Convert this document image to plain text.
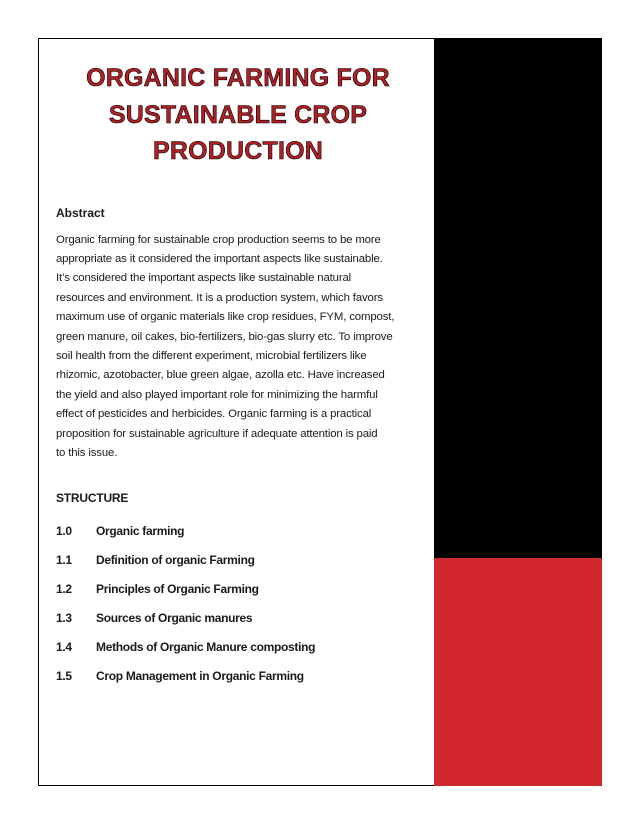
ORGANIC FARMING FOR
SUSTAINABLE CROP
PRODUCTION
Abstract
Organic farming for sustainable crop production seems to be more
appropriate as it considered the important aspects like sustainable.
It’s considered the important aspects like sustainable natural
resources and environment. It is a production system, which favors
maximum use of organic materials like crop residues, FYM, compost,
green manure, oil cakes, bio-fertilizers, bio-gas slurry etc. To improve
soil health from the different experiment, microbial fertilizers like
rhizomic, azotobacter, blue green algae, azolla etc. Have increased
the yield and also played important role for minimizing the harmful
effect of pesticides and herbicides. Organic farming is a practical
proposition for sustainable agriculture if adequate attention is paid
to this issue.
STRUCTURE
1.0	Organic farming
1.1	Definition of organic Farming
1.2	Principles of Organic Farming
1.3	Sources of Organic manures
1.4	Methods of Organic Manure composting
1.5	Crop Management in Organic Farming
